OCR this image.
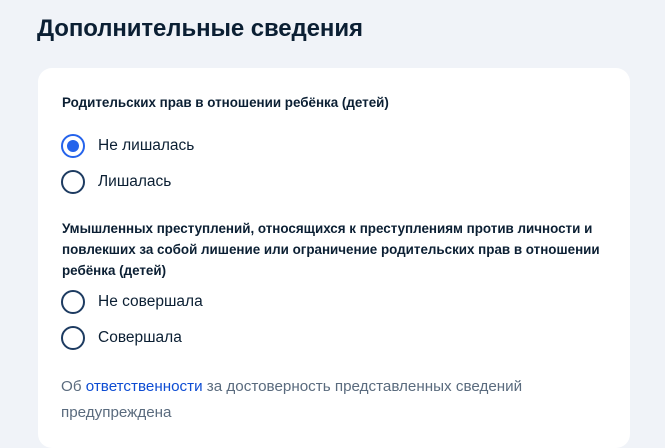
Дополнительные сведения

Родительских прав в отношении ребёнка (детей)

Не лишалась
Лишалась

Умышленных преступлений, относящихся к преступлениям против личности и повлекших за собой лишение или ограничение родительских прав в отношении ребёнка (детей)

Не совершала
Совершала
Об ответственности за достоверность представленных сведений предупреждена
